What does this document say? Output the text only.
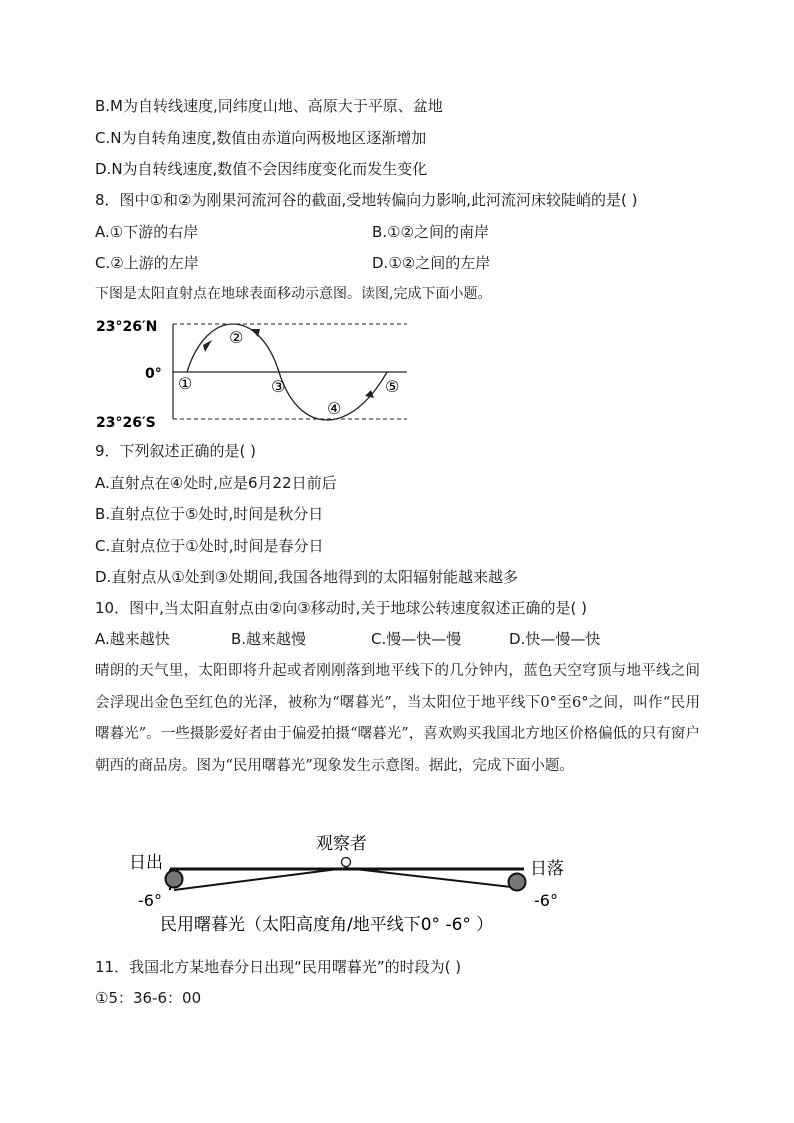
B.M为自转线速度,同纬度山地、高原大于平原、盆地
C.N为自转角速度,数值由赤道向两极地区逐渐增加
D.N为自转线速度,数值不会因纬度变化而发生变化
8．图中①和②为刚果河流河谷的截面,受地转偏向力影响,此河流河床较陡峭的是( )
A.①下游的右岸	B.①②之间的南岸
C.②上游的左岸	D.①②之间的左岸
下图是太阳直射点在地球表面移动示意图。读图,完成下面小题。
23°26′N
0°
23°26′S
①
②
③
④
⑤
9．下列叙述正确的是( )
A.直射点在④处时,应是6月22日前后
B.直射点位于⑤处时,时间是秋分日
C.直射点位于①处时,时间是春分日
D.直射点从①处到③处期间,我国各地得到的太阳辐射能越来越多
10．图中,当太阳直射点由②向③移动时,关于地球公转速度叙述正确的是( )
A.越来越快	B.越来越慢	C.慢—快—慢	D.快—慢—快
晴朗的天气里，太阳即将升起或者刚刚落到地平线下的几分钟内，蓝色天空穹顶与地平线之间会浮现出金色至红色的光泽，被称为“曙暮光”，当太阳位于地平线下0°至6°之间，叫作“民用曙暮光”。一些摄影爱好者由于偏爱拍摄“曙暮光”，喜欢购买我国北方地区价格偏低的只有窗户朝西的商品房。图为“民用曙暮光”现象发生示意图。据此，完成下面小题。
观察者
日出	日落
-6°	-6°
民用曙暮光（太阳高度角/地平线下0° -6° ）
11．我国北方某地春分日出现“民用曙暮光”的时段为( )
①5：36-6：00
